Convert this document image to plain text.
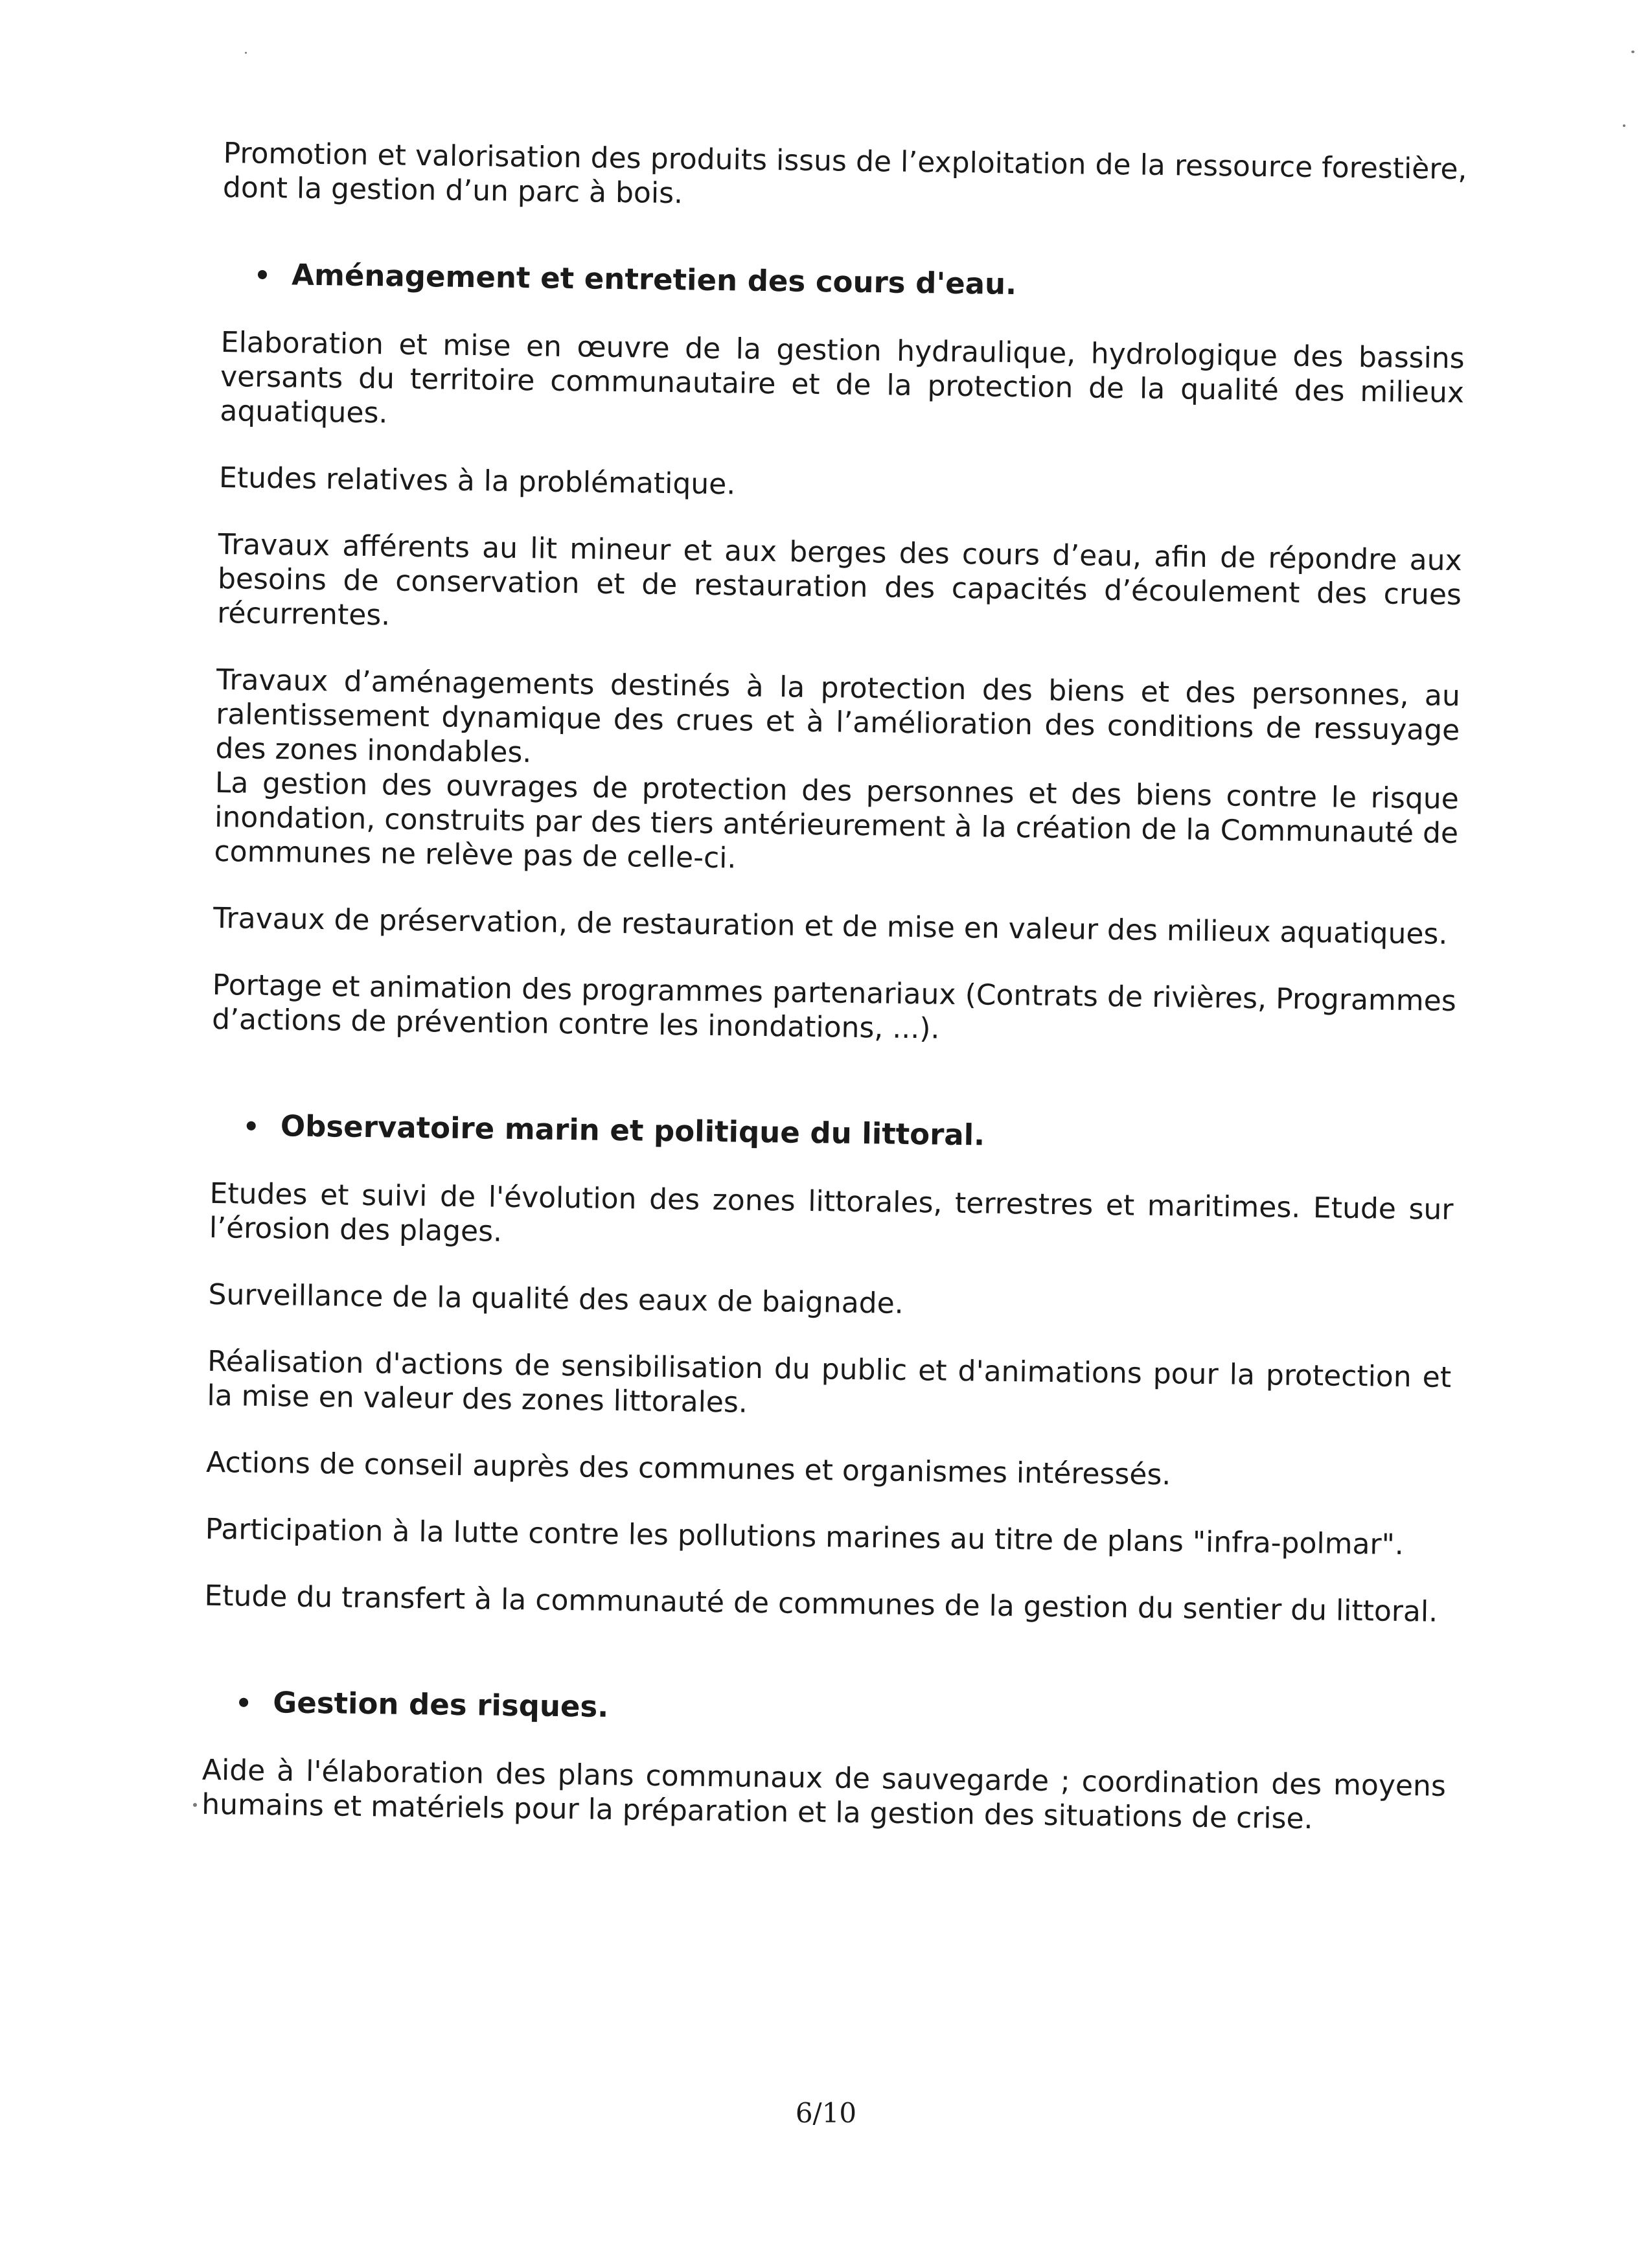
Promotion et valorisation des produits issus de l’exploitation de la ressource forestière, dont la gestion d’un parc à bois.

• Aménagement et entretien des cours d'eau.

Elaboration et mise en œuvre de la gestion hydraulique, hydrologique des bassins versants du territoire communautaire et de la protection de la qualité des milieux aquatiques.

Etudes relatives à la problématique.

Travaux afférents au lit mineur et aux berges des cours d’eau, afin de répondre aux besoins de conservation et de restauration des capacités d’écoulement des crues récurrentes.

Travaux d’aménagements destinés à la protection des biens et des personnes, au ralentissement dynamique des crues et à l’amélioration des conditions de ressuyage des zones inondables.

La gestion des ouvrages de protection des personnes et des biens contre le risque inondation, construits par des tiers antérieurement à la création de la Communauté de communes ne relève pas de celle-ci.

Travaux de préservation, de restauration et de mise en valeur des milieux aquatiques.

Portage et animation des programmes partenariaux (Contrats de rivières, Programmes d’actions de prévention contre les inondations, ...).

• Observatoire marin et politique du littoral.

Etudes et suivi de l'évolution des zones littorales, terrestres et maritimes. Etude sur l’érosion des plages.

Surveillance de la qualité des eaux de baignade.

Réalisation d'actions de sensibilisation du public et d'animations pour la protection et la mise en valeur des zones littorales.

Actions de conseil auprès des communes et organismes intéressés.

Participation à la lutte contre les pollutions marines au titre de plans "infra-polmar".

Etude du transfert à la communauté de communes de la gestion du sentier du littoral.

• Gestion des risques.

Aide à l'élaboration des plans communaux de sauvegarde ; coordination des moyens humains et matériels pour la préparation et la gestion des situations de crise.

6/10
